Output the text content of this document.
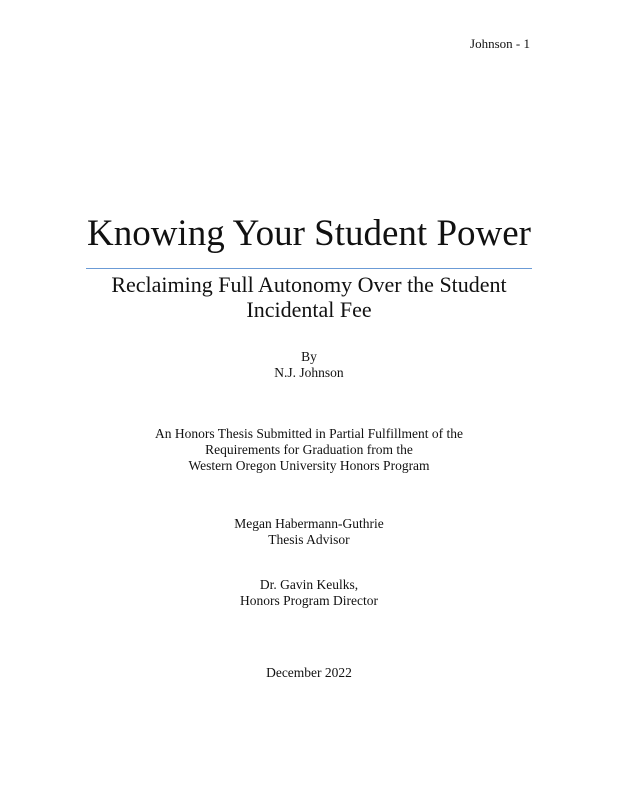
Johnson - 1
Knowing Your Student Power
Reclaiming Full Autonomy Over the Student
Incidental Fee
By
N.J. Johnson
An Honors Thesis Submitted in Partial Fulfillment of the
Requirements for Graduation from the
Western Oregon University Honors Program
Megan Habermann-Guthrie
Thesis Advisor
Dr. Gavin Keulks,
Honors Program Director
December 2022
